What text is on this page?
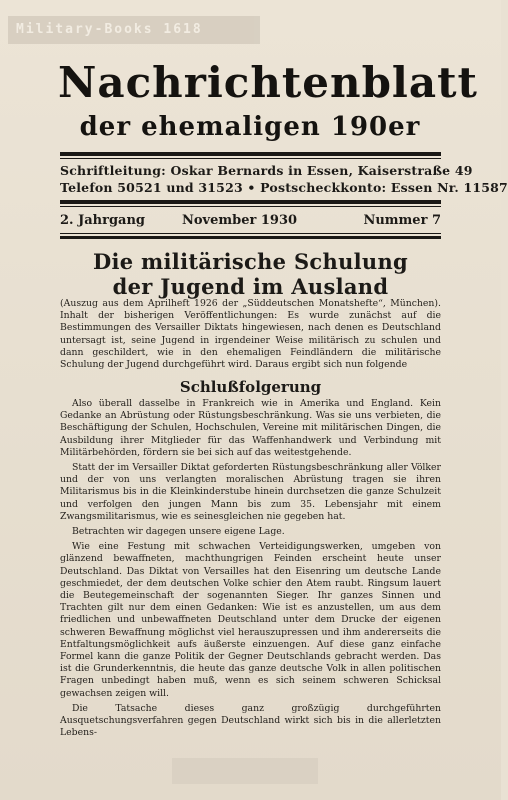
Military-Books 1618
Nachrichtenblatt
der ehemaligen 190er
Schriftleitung: Oskar Bernards in Essen, Kaiserstraße 49
Telefon 50521 und 31523 • Postscheckkonto: Essen Nr. 11587
2. Jahrgang	November 1930	Nummer 7
Die militärische Schulung
der Jugend im Ausland

(Auszug aus dem Aprilheft 1926 der „Süddeutschen Monatshefte“, München). Inhalt der bisherigen Veröffentlichungen: Es wurde zunächst auf die Bestimmungen des Versailler Diktats hingewiesen, nach denen es Deutschland untersagt ist, seine Jugend in irgendeiner Weise militärisch zu schulen und dann geschildert, wie in den ehemaligen Feindländern die militärische Schulung der Jugend durchgeführt wird. Daraus ergibt sich nun folgende

Schlußfolgerung

Also überall dasselbe in Frankreich wie in Amerika und England. Kein Gedanke an Abrüstung oder Rüstungsbeschränkung. Was sie uns verbieten, die Beschäftigung der Schulen, Hochschulen, Vereine mit militärischen Dingen, die Ausbildung ihrer Mitglieder für das Waffenhandwerk und Verbindung mit Militärbehörden, fördern sie bei sich auf das weitestgehende.

Statt der im Versailler Diktat geforderten Rüstungsbeschränkung aller Völker und der von uns verlangten moralischen Abrüstung tragen sie ihren Militarismus bis in die Kleinkinderstube hinein durchsetzen die ganze Schulzeit und verfolgen den jungen Mann bis zum 35. Lebensjahr mit einem Zwangsmilitarismus, wie es seinesgleichen nie gegeben hat.

Betrachten wir dagegen unsere eigene Lage.

Wie eine Festung mit schwachen Verteidigungswerken, umgeben von glänzend bewaffneten, machthungrigen Feinden erscheint heute unser Deutschland. Das Diktat von Versailles hat den Eisenring um deutsche Lande geschmiedet, der dem deutschen Volke schier den Atem raubt. Ringsum lauert die Beutegemeinschaft der sogenannten Sieger. Ihr ganzes Sinnen und Trachten gilt nur dem einen Gedanken: Wie ist es anzustellen, um aus dem friedlichen und unbewaffneten Deutschland unter dem Drucke der eigenen schweren Bewaffnung möglichst viel herauszupressen und ihm andererseits die Entfaltungsmöglichkeit aufs äußerste einzuengen. Auf diese ganz einfache Formel kann die ganze Politik der Gegner Deutschlands gebracht werden. Das ist die Grunderkenntnis, die heute das ganze deutsche Volk in allen politischen Fragen unbedingt haben muß, wenn es sich seinem schweren Schicksal gewachsen zeigen will.

Die Tatsache dieses ganz großzügig durchgeführten Ausquetschungsverfahren gegen Deutschland wirkt sich bis in die allerletzten Lebens-
